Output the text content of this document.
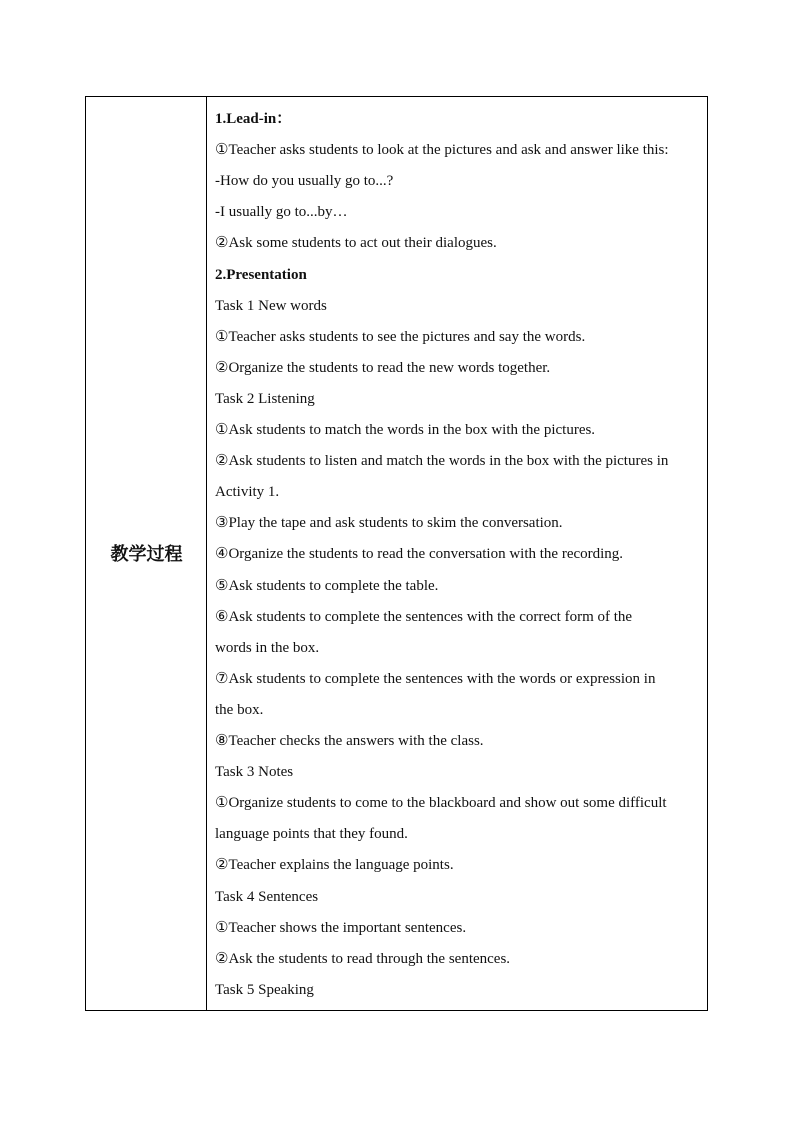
教学过程
1.Lead-in：
①Teacher asks students to look at the pictures and ask and answer like this:
-How do you usually go to...?
-I usually go to...by…
②Ask some students to act out their dialogues.
2.Presentation
Task 1 New words
①Teacher asks students to see the pictures and say the words.
②Organize the students to read the new words together.
Task 2 Listening
①Ask students to match the words in the box with the pictures.
②Ask students to listen and match the words in the box with the pictures in
Activity 1.
③Play the tape and ask students to skim the conversation.
④Organize the students to read the conversation with the recording.
⑤Ask students to complete the table.
⑥Ask students to complete the sentences with the correct form of the
words in the box.
⑦Ask students to complete the sentences with the words or expression in
the box.
⑧Teacher checks the answers with the class.
Task 3 Notes
①Organize students to come to the blackboard and show out some difficult
language points that they found.
②Teacher explains the language points.
Task 4 Sentences
①Teacher shows the important sentences.
②Ask the students to read through the sentences.
Task 5 Speaking
